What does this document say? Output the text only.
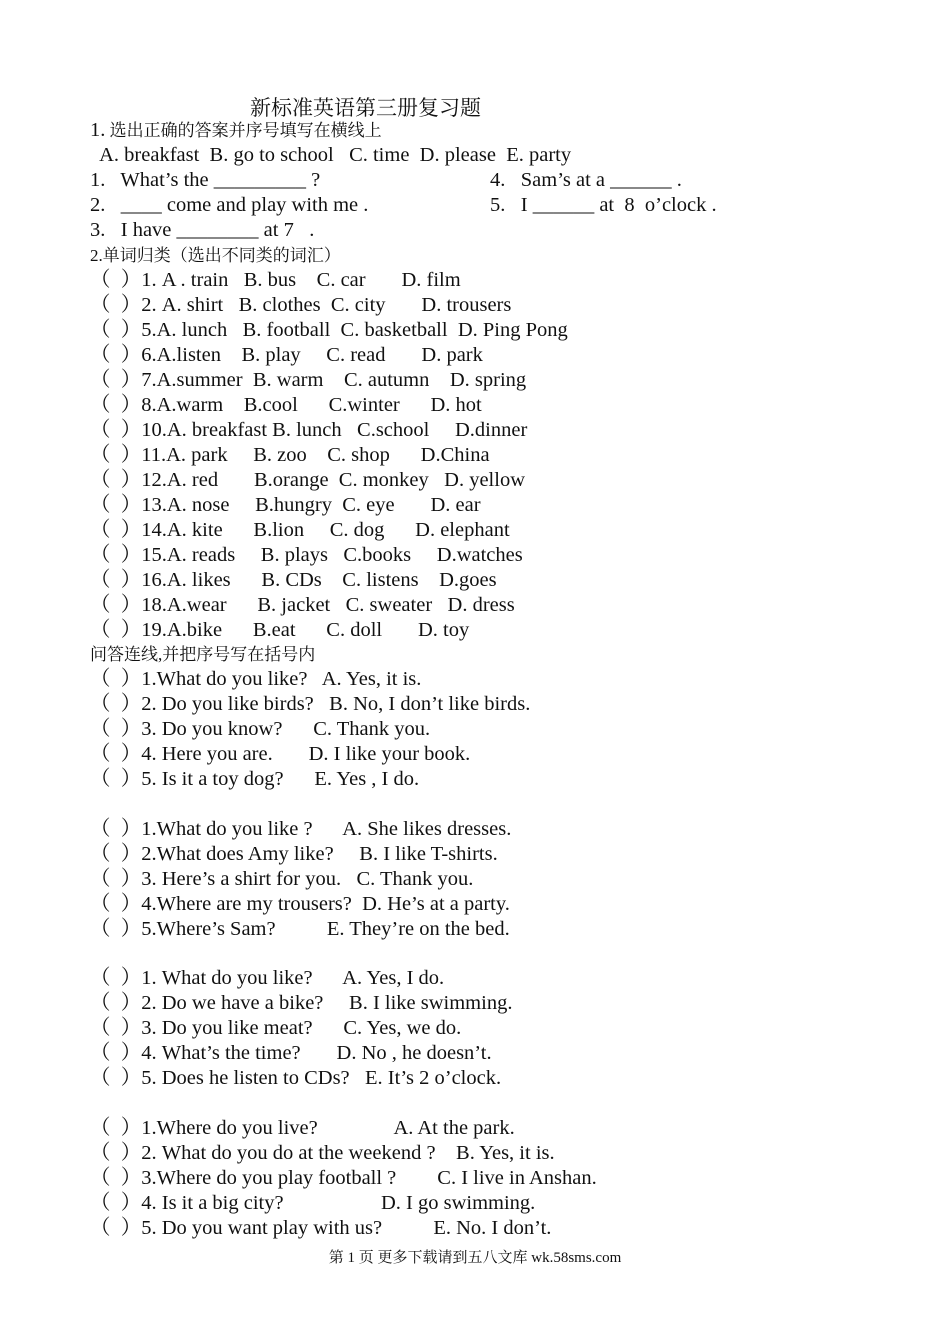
新标准英语第三册复习题
1. 选出正确的答案并序号填写在横线上
A. breakfast  B. go to school   C. time  D. please  E. party
1.   What’s the _________ ?	4.   Sam’s at a ______ .
2.   ____ come and play with me .	5.   I ______ at  8  o’clock .
3.   I have ________ at 7   .
2.单词归类（选出不同类的词汇）
（  ）1. A . train   B. bus    C. car       D. film
（  ）2. A. shirt   B. clothes  C. city       D. trousers
（  ）5.A. lunch   B. football  C. basketball  D. Ping Pong
（  ）6.A.listen    B. play     C. read       D. park
（  ）7.A.summer  B. warm    C. autumn    D. spring
（  ）8.A.warm    B.cool      C.winter      D. hot
（  ）10.A. breakfast B. lunch   C.school     D.dinner
（  ）11.A. park     B. zoo    C. shop      D.China
（  ）12.A. red       B.orange  C. monkey   D. yellow
（  ）13.A. nose     B.hungry  C. eye       D. ear
（  ）14.A. kite      B.lion     C. dog      D. elephant
（  ）15.A. reads     B. plays   C.books     D.watches
（  ）16.A. likes      B. CDs    C. listens    D.goes
（  ）18.A.wear      B. jacket   C. sweater   D. dress
（  ）19.A.bike      B.eat      C. doll       D. toy
问答连线,并把序号写在括号内
（  ）1.What do you like?   A. Yes, it is.
（  ）2. Do you like birds?   B. No, I don’t like birds.
（  ）3. Do you know?      C. Thank you.
（  ）4. Here you are.       D. I like your book.
（  ）5. Is it a toy dog?      E. Yes , I do.
（  ）1.What do you like ?      A. She likes dresses.
（  ）2.What does Amy like?     B. I like T-shirts.
（  ）3. Here’s a shirt for you.   C. Thank you.
（  ）4.Where are my trousers?  D. He’s at a party.
（  ）5.Where’s Sam?          E. They’re on the bed.
（  ）1. What do you like?      A. Yes, I do.
（  ）2. Do we have a bike?     B. I like swimming.
（  ）3. Do you like meat?      C. Yes, we do.
（  ）4. What’s the time?       D. No , he doesn’t.
（  ）5. Does he listen to CDs?   E. It’s 2 o’clock.
（  ）1.Where do you live?               A. At the park.
（  ）2. What do you do at the weekend ?    B. Yes, it is.
（  ）3.Where do you play football ?        C. I live in Anshan.
（  ）4. Is it a big city?                   D. I go swimming.
（  ）5. Do you want play with us?          E. No. I don’t.
第 1 页 更多下载请到五八文库 wk.58sms.com
